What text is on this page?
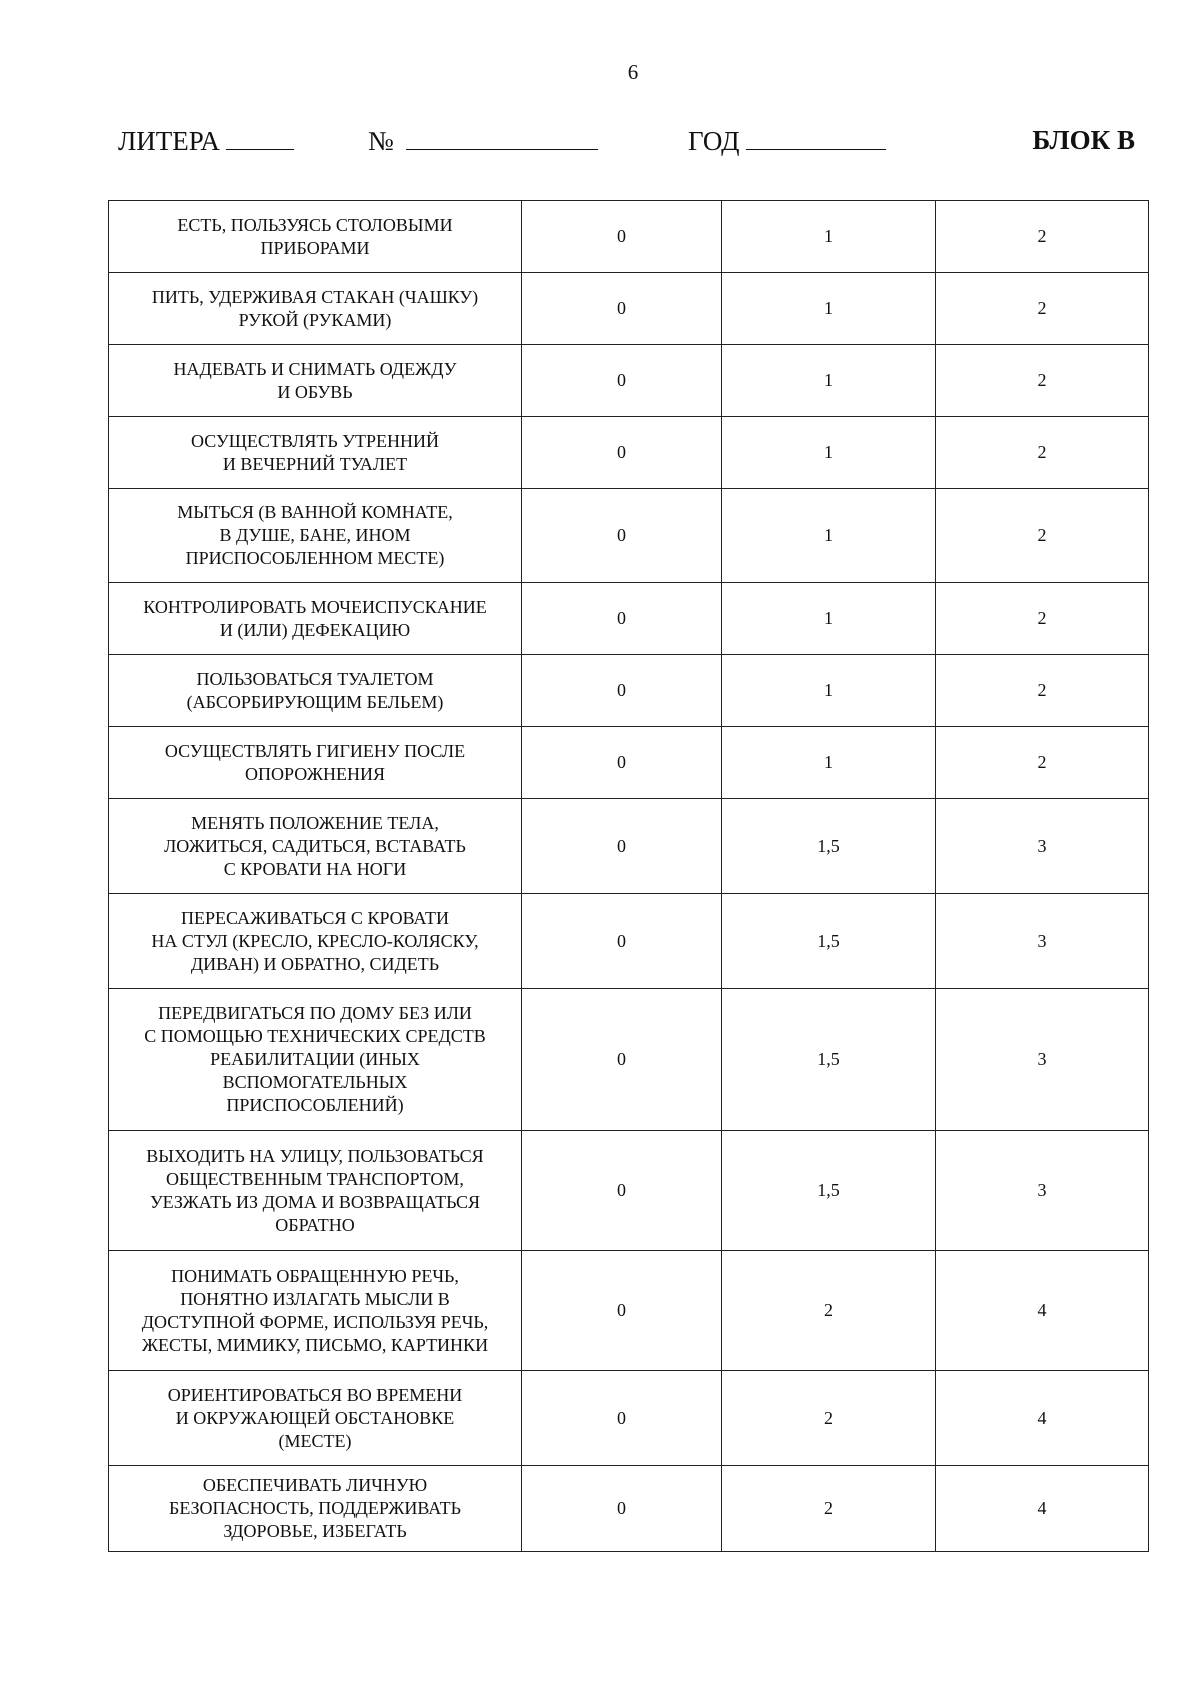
6
ЛИТЕРА	№	ГОД	БЛОК В
ЕСТЬ, ПОЛЬЗУЯСЬ СТОЛОВЫМИ
ПРИБОРАМИ	0	1	2
ПИТЬ, УДЕРЖИВАЯ СТАКАН (ЧАШКУ)
РУКОЙ (РУКАМИ)	0	1	2
НАДЕВАТЬ И СНИМАТЬ ОДЕЖДУ
И ОБУВЬ	0	1	2
ОСУЩЕСТВЛЯТЬ УТРЕННИЙ
И ВЕЧЕРНИЙ ТУАЛЕТ	0	1	2
МЫТЬСЯ (В ВАННОЙ КОМНАТЕ,
В ДУШЕ, БАНЕ, ИНОМ
ПРИСПОСОБЛЕННОМ МЕСТЕ)	0	1	2
КОНТРОЛИРОВАТЬ МОЧЕИСПУСКАНИЕ
И (ИЛИ) ДЕФЕКАЦИЮ	0	1	2
ПОЛЬЗОВАТЬСЯ ТУАЛЕТОМ
(АБСОРБИРУЮЩИМ БЕЛЬЕМ)	0	1	2
ОСУЩЕСТВЛЯТЬ ГИГИЕНУ ПОСЛЕ
ОПОРОЖНЕНИЯ	0	1	2
МЕНЯТЬ ПОЛОЖЕНИЕ ТЕЛА,
ЛОЖИТЬСЯ, САДИТЬСЯ, ВСТАВАТЬ
С КРОВАТИ НА НОГИ	0	1,5	3
ПЕРЕСАЖИВАТЬСЯ С КРОВАТИ
НА СТУЛ (КРЕСЛО, КРЕСЛО-КОЛЯСКУ,
ДИВАН) И ОБРАТНО, СИДЕТЬ	0	1,5	3
ПЕРЕДВИГАТЬСЯ ПО ДОМУ БЕЗ ИЛИ
С ПОМОЩЬЮ ТЕХНИЧЕСКИХ СРЕДСТВ
РЕАБИЛИТАЦИИ (ИНЫХ
ВСПОМОГАТЕЛЬНЫХ
ПРИСПОСОБЛЕНИЙ)	0	1,5	3
ВЫХОДИТЬ НА УЛИЦУ, ПОЛЬЗОВАТЬСЯ
ОБЩЕСТВЕННЫМ ТРАНСПОРТОМ,
УЕЗЖАТЬ ИЗ ДОМА И ВОЗВРАЩАТЬСЯ
ОБРАТНО	0	1,5	3
ПОНИМАТЬ ОБРАЩЕННУЮ РЕЧЬ,
ПОНЯТНО ИЗЛАГАТЬ МЫСЛИ В
ДОСТУПНОЙ ФОРМЕ, ИСПОЛЬЗУЯ РЕЧЬ,
ЖЕСТЫ, МИМИКУ, ПИСЬМО, КАРТИНКИ	0	2	4
ОРИЕНТИРОВАТЬСЯ ВО ВРЕМЕНИ
И ОКРУЖАЮЩЕЙ ОБСТАНОВКЕ
(МЕСТЕ)	0	2	4
ОБЕСПЕЧИВАТЬ ЛИЧНУЮ
БЕЗОПАСНОСТЬ, ПОДДЕРЖИВАТЬ
ЗДОРОВЬЕ, ИЗБЕГАТЬ	0	2	4
